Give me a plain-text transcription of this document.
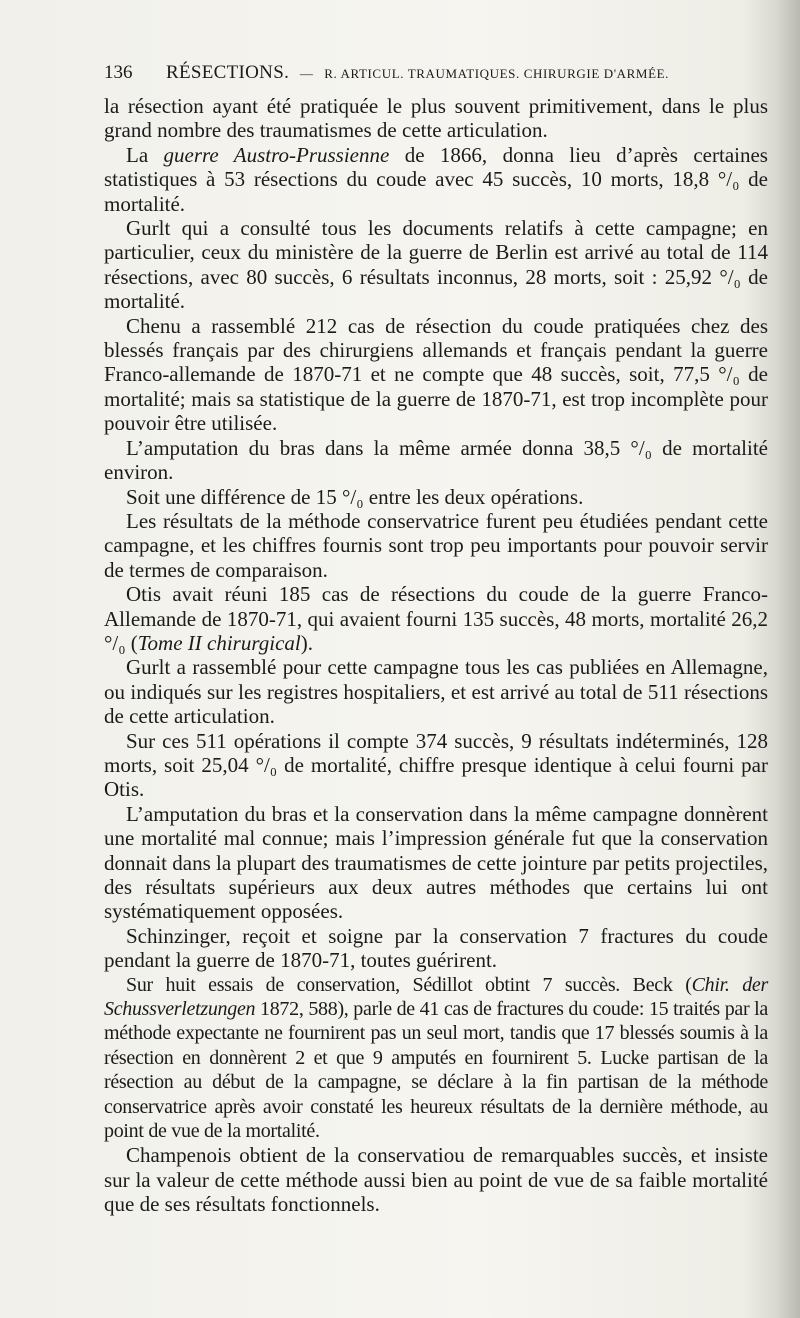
136 RÉSECTIONS. — R. ARTICUL. TRAUMATIQUES. CHIRURGIE D'ARMÉE.

la résection ayant été pratiquée le plus souvent primitivement, dans le plus grand nombre des traumatismes de cette articulation.

La guerre Austro-Prussienne de 1866, donna lieu d’après certaines statistiques à 53 résections du coude avec 45 succès, 10 morts, 18,8 °/₀ de mortalité.

Gurlt qui a consulté tous les documents relatifs à cette campagne; en particulier, ceux du ministère de la guerre de Berlin est arrivé au total de 114 résections, avec 80 succès, 6 résultats inconnus, 28 morts, soit : 25,92 °/₀ de mortalité.

Chenu a rassemblé 212 cas de résection du coude pratiquées chez des blessés français par des chirurgiens allemands et français pendant la guerre Franco-allemande de 1870-71 et ne compte que 48 succès, soit, 77,5 °/₀ de mortalité; mais sa statistique de la guerre de 1870-71, est trop incomplète pour pouvoir être utilisée.

L’amputation du bras dans la même armée donna 38,5 °/₀ de mortalité environ.

Soit une différence de 15 °/₀ entre les deux opérations.

Les résultats de la méthode conservatrice furent peu étudiées pendant cette campagne, et les chiffres fournis sont trop peu importants pour pouvoir servir de termes de comparaison.

Otis avait réuni 185 cas de résections du coude de la guerre Franco-Allemande de 1870-71, qui avaient fourni 135 succès, 48 morts, mortalité 26,2 °/₀ (Tome II chirurgical).

Gurlt a rassemblé pour cette campagne tous les cas publiées en Allemagne, ou indiqués sur les registres hospitaliers, et est arrivé au total de 511 résections de cette articulation.

Sur ces 511 opérations il compte 374 succès, 9 résultats indéterminés, 128 morts, soit 25,04 °/₀ de mortalité, chiffre presque identique à celui fourni par Otis.

L’amputation du bras et la conservation dans la même campagne donnèrent une mortalité mal connue; mais l’impression générale fut que la conservation donnait dans la plupart des traumatismes de cette jointure par petits projectiles, des résultats supérieurs aux deux autres méthodes que certains lui ont systématiquement opposées.

Schinzinger, reçoit et soigne par la conservation 7 fractures du coude pendant la guerre de 1870-71, toutes guérirent.

Sur huit essais de conservation, Sédillot obtint 7 succès. Beck (Chir. der Schussverletzungen 1872, 588), parle de 41 cas de fractures du coude: 15 traités par la méthode expectante ne fournirent pas un seul mort, tandis que 17 blessés soumis à la résection en donnèrent 2 et que 9 amputés en fournirent 5. Lucke partisan de la résection au début de la campagne, se déclare à la fin partisan de la méthode conservatrice après avoir constaté les heureux résultats de la dernière méthode, au point de vue de la mortalité.

Champenois obtient de la conservatiou de remarquables succès, et insiste sur la valeur de cette méthode aussi bien au point de vue de sa faible mortalité que de ses résultats fonctionnels.
